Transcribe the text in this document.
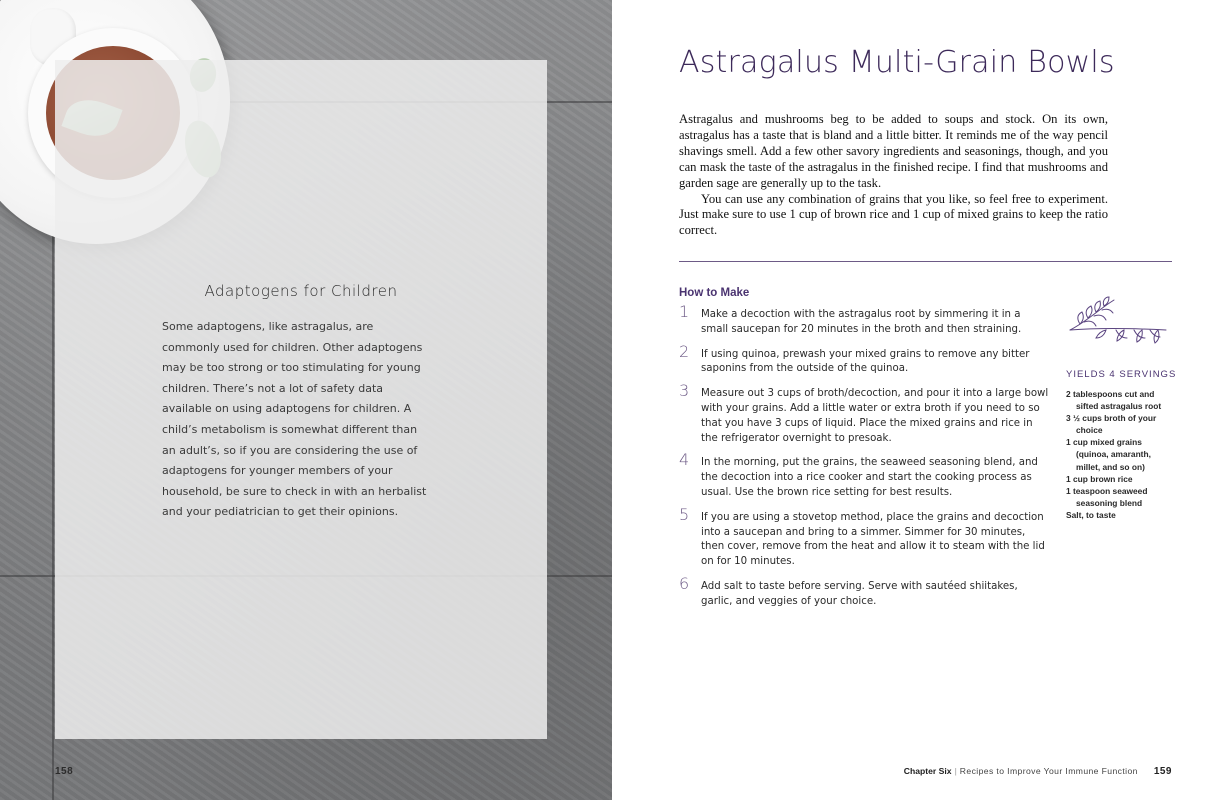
Adaptogens for Children

Some adaptogens, like astragalus, are commonly used for children. Other adaptogens may be too strong or too stimulating for young children. There’s not a lot of safety data available on using adaptogens for children. A child’s metabolism is somewhat different than an adult’s, so if you are considering the use of adaptogens for younger members of your household, be sure to check in with an herbalist and your pediatrician to get their opinions.

158
Astragalus Multi-Grain Bowls

Astragalus and mushrooms beg to be added to soups and stock. On its own, astragalus has a taste that is bland and a little bitter. It reminds me of the way pencil shavings smell. Add a few other savory ingredients and seasonings, though, and you can mask the taste of the astragalus in the finished recipe. I find that mushrooms and garden sage are generally up to the task.

You can use any combination of grains that you like, so feel free to experiment. Just make sure to use 1 cup of brown rice and 1 cup of mixed grains to keep the ratio correct.

How to Make
1 Make a decoction with the astragalus root by simmering it in a small saucepan for 20 minutes in the broth and then straining.
2 If using quinoa, prewash your mixed grains to remove any bitter saponins from the outside of the quinoa.
3 Measure out 3 cups of broth/decoction, and pour it into a large bowl with your grains. Add a little water or extra broth if you need to so that you have 3 cups of liquid. Place the mixed grains and rice in the refrigerator overnight to presoak.
4 In the morning, put the grains, the seaweed seasoning blend, and the decoction into a rice cooker and start the cooking process as usual. Use the brown rice setting for best results.
5 If you are using a stovetop method, place the grains and decoction into a saucepan and bring to a simmer. Simmer for 30 minutes, then cover, remove from the heat and allow it to steam with the lid on for 10 minutes.
6 Add salt to taste before serving. Serve with sautéed shiitakes, garlic, and veggies of your choice.
YIELDS 4 SERVINGS
2 tablespoons cut and sifted astragalus root
3 ½ cups broth of your choice
1 cup mixed grains (quinoa, amaranth, millet, and so on)
1 cup brown rice
1 teaspoon seaweed seasoning blend
Salt, to taste
Chapter Six | Recipes to Improve Your Immune Function 159
